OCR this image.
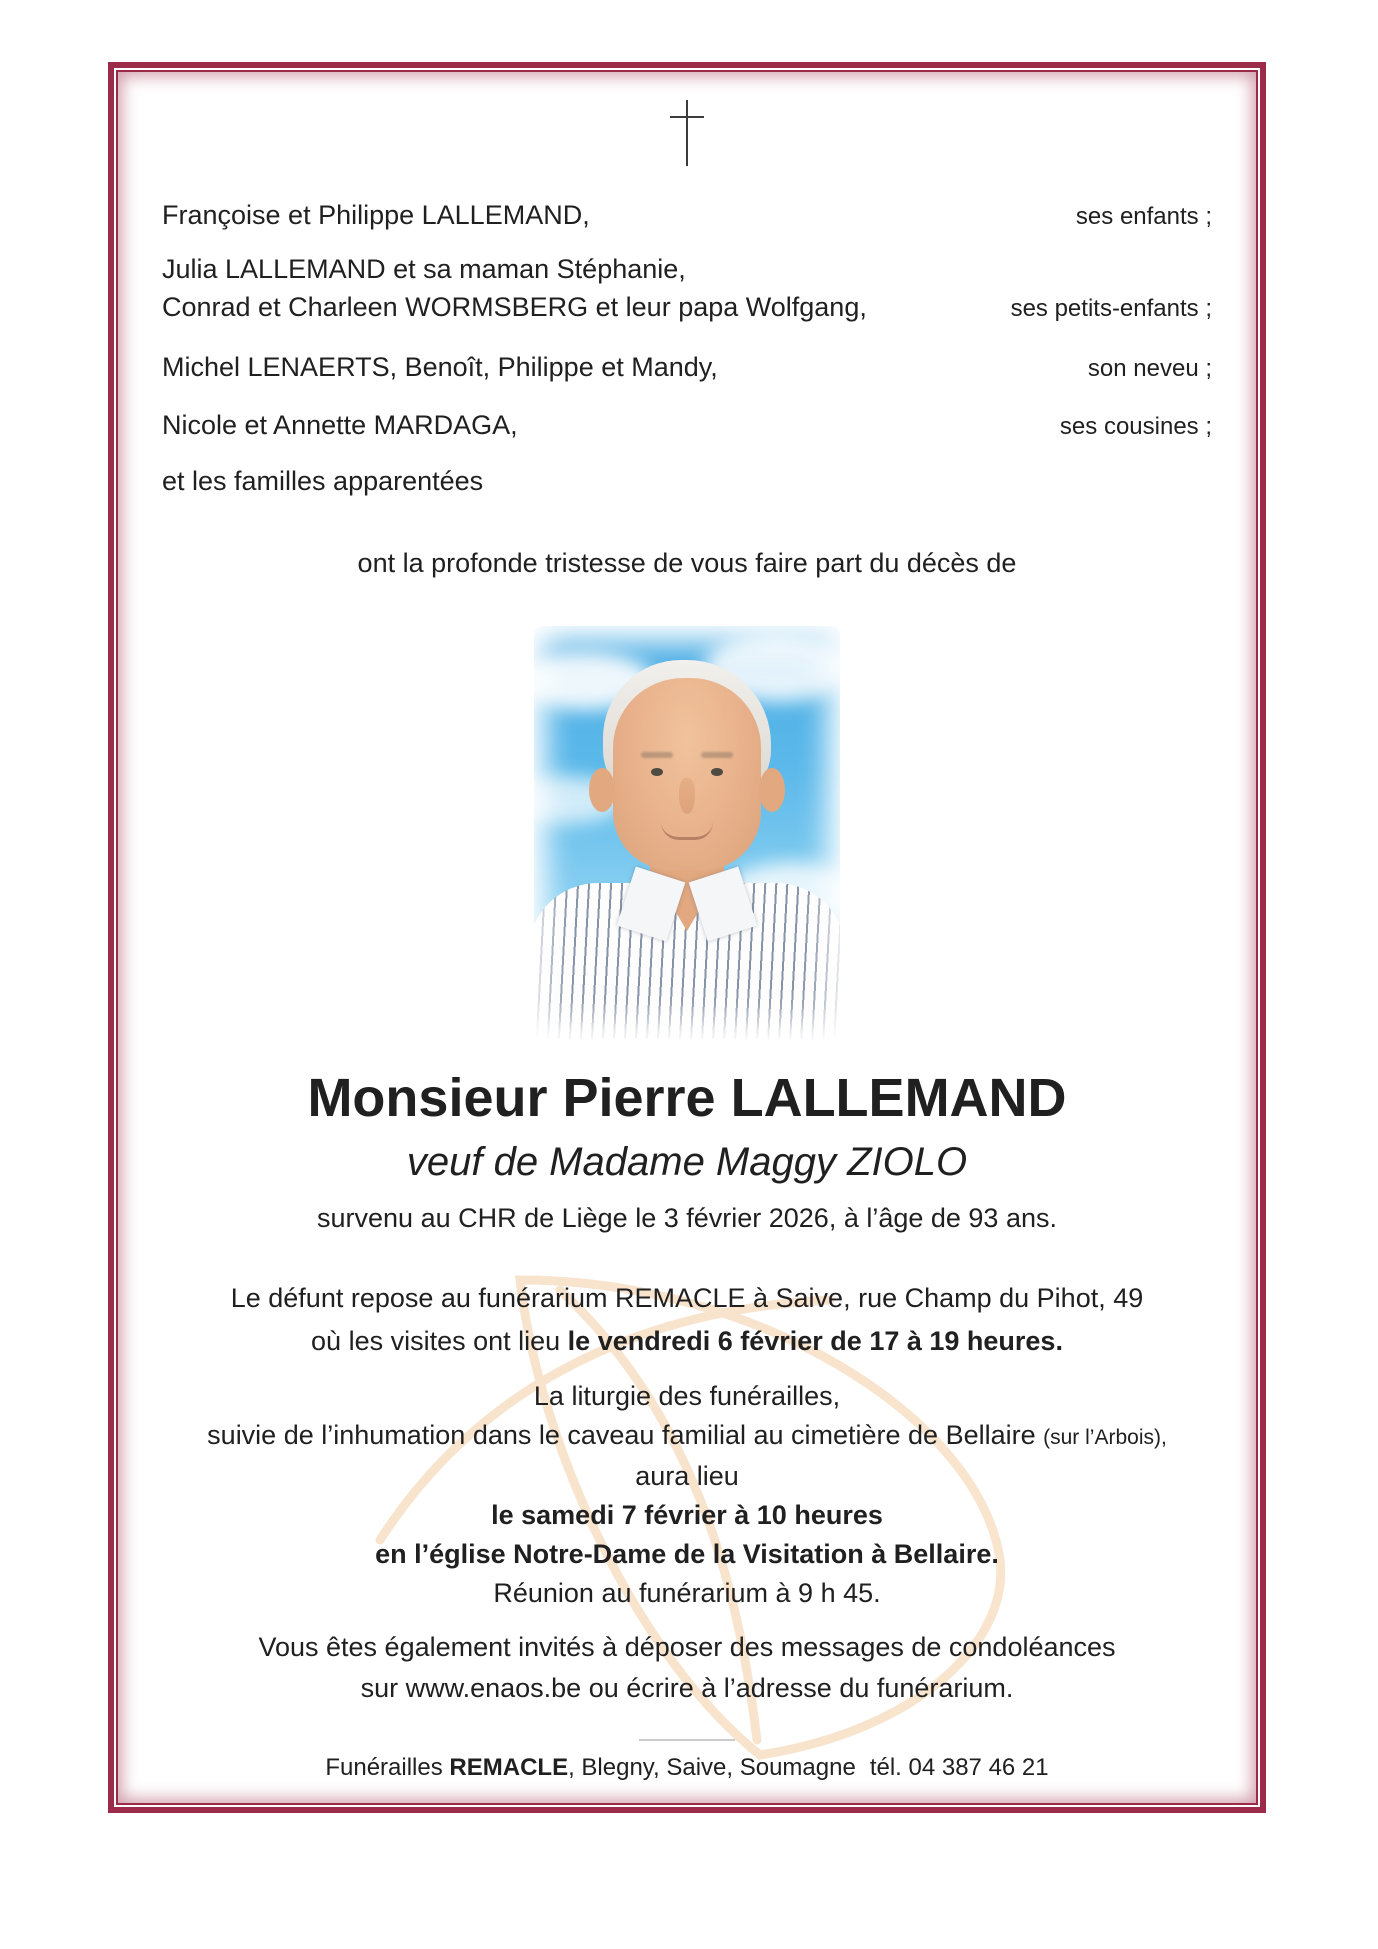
Françoise et Philippe LALLEMAND,	ses enfants ;
Julia LALLEMAND et sa maman Stéphanie,
Conrad et Charleen WORMSBERG et leur papa Wolfgang,	ses petits-enfants ;
Michel LENAERTS, Benoît, Philippe et Mandy,	son neveu ;
Nicole et Annette MARDAGA,	ses cousines ;
et les familles apparentées
ont la profonde tristesse de vous faire part du décès de
Monsieur Pierre LALLEMAND
veuf de Madame Maggy ZIOLO
survenu au CHR de Liège le 3 février 2026, à l’âge de 93 ans.
Le défunt repose au funérarium REMACLE à Saive, rue Champ du Pihot, 49
où les visites ont lieu le vendredi 6 février de 17 à 19 heures.
La liturgie des funérailles,
suivie de l’inhumation dans le caveau familial au cimetière de Bellaire (sur l’Arbois),
aura lieu
le samedi 7 février à 10 heures
en l’église Notre-Dame de la Visitation à Bellaire.
Réunion au funérarium à 9 h 45.
Vous êtes également invités à déposer des messages de condoléances
sur www.enaos.be ou écrire à l’adresse du funérarium.
Funérailles REMACLE, Blegny, Saive, Soumagne tél. 04 387 46 21
